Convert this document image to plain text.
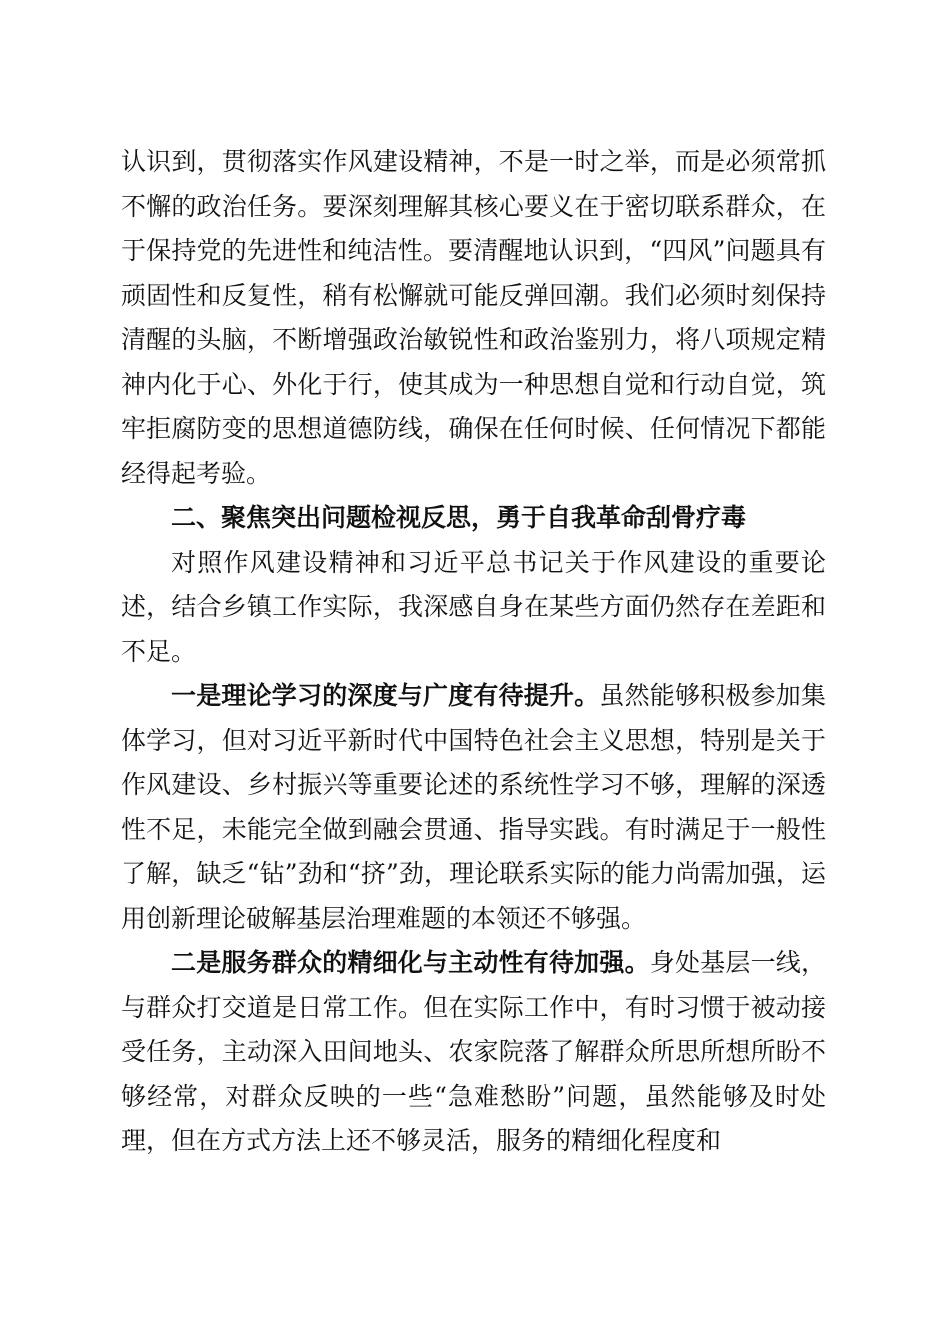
认识到，贯彻落实作风建设精神，不是一时之举，而是必须常抓不懈的政治任务。要深刻理解其核心要义在于密切联系群众，在于保持党的先进性和纯洁性。要清醒地认识到，“四风”问题具有顽固性和反复性，稍有松懈就可能反弹回潮。我们必须时刻保持清醒的头脑，不断增强政治敏锐性和政治鉴别力，将八项规定精神内化于心、外化于行，使其成为一种思想自觉和行动自觉，筑牢拒腐防变的思想道德防线，确保在任何时候、任何情况下都能经得起考验。

二、聚焦突出问题检视反思，勇于自我革命刮骨疗毒

对照作风建设精神和习近平总书记关于作风建设的重要论述，结合乡镇工作实际，我深感自身在某些方面仍然存在差距和不足。

一是理论学习的深度与广度有待提升。虽然能够积极参加集体学习，但对习近平新时代中国特色社会主义思想，特别是关于作风建设、乡村振兴等重要论述的系统性学习不够，理解的深透性不足，未能完全做到融会贯通、指导实践。有时满足于一般性了解，缺乏“钻”劲和“挤”劲，理论联系实际的能力尚需加强，运用创新理论破解基层治理难题的本领还不够强。

二是服务群众的精细化与主动性有待加强。身处基层一线，与群众打交道是日常工作。但在实际工作中，有时习惯于被动接受任务，主动深入田间地头、农家院落了解群众所思所想所盼不够经常，对群众反映的一些“急难愁盼”问题，虽然能够及时处理，但在方式方法上还不够灵活，服务的精细化程度和
